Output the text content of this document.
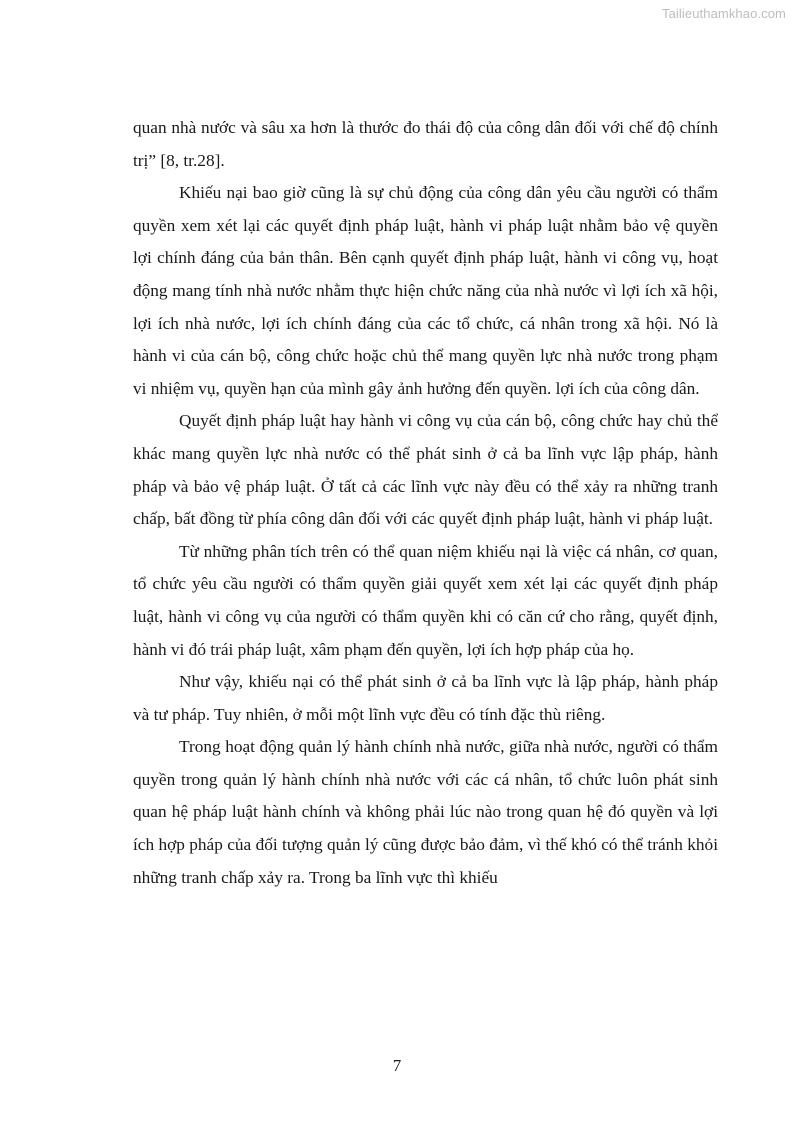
Tailieuthamkhao.com

quan nhà nước và sâu xa hơn là thước đo thái độ của công dân đối với chế độ chính trị” [8, tr.28].

Khiếu nại bao giờ cũng là sự chủ động của công dân yêu cầu người có thẩm quyền xem xét lại các quyết định pháp luật, hành vi pháp luật nhằm bảo vệ quyền lợi chính đáng của bản thân. Bên cạnh quyết định pháp luật, hành vi công vụ, hoạt động mang tính nhà nước nhằm thực hiện chức năng của nhà nước vì lợi ích xã hội, lợi ích nhà nước, lợi ích chính đáng của các tổ chức, cá nhân trong xã hội. Nó là hành vi của cán bộ, công chức hoặc chủ thể mang quyền lực nhà nước trong phạm vi nhiệm vụ, quyền hạn của mình gây ảnh hưởng đến quyền. lợi ích của công dân.

Quyết định pháp luật hay hành vi công vụ của cán bộ, công chức hay chủ thể khác mang quyền lực nhà nước có thể phát sinh ở cả ba lĩnh vực lập pháp, hành pháp và bảo vệ pháp luật. Ở tất cả các lĩnh vực này đều có thể xảy ra những tranh chấp, bất đồng từ phía công dân đối với các quyết định pháp luật, hành vi pháp luật.

Từ những phân tích trên có thể quan niệm khiếu nại là việc cá nhân, cơ quan, tổ chức yêu cầu người có thẩm quyền giải quyết xem xét lại các quyết định pháp luật, hành vi công vụ của người có thẩm quyền khi có căn cứ cho rằng, quyết định, hành vi đó trái pháp luật, xâm phạm đến quyền, lợi ích hợp pháp của họ.

Như vậy, khiếu nại có thể phát sinh ở cả ba lĩnh vực là lập pháp, hành pháp và tư pháp. Tuy nhiên, ở mỗi một lĩnh vực đều có tính đặc thù riêng.

Trong hoạt động quản lý hành chính nhà nước, giữa nhà nước, người có thẩm quyền trong quản lý hành chính nhà nước với các cá nhân, tổ chức luôn phát sinh quan hệ pháp luật hành chính và không phải lúc nào trong quan hệ đó quyền và lợi ích hợp pháp của đối tượng quản lý cũng được bảo đảm, vì thế khó có thể tránh khỏi những tranh chấp xảy ra. Trong ba lĩnh vực thì khiếu

7
